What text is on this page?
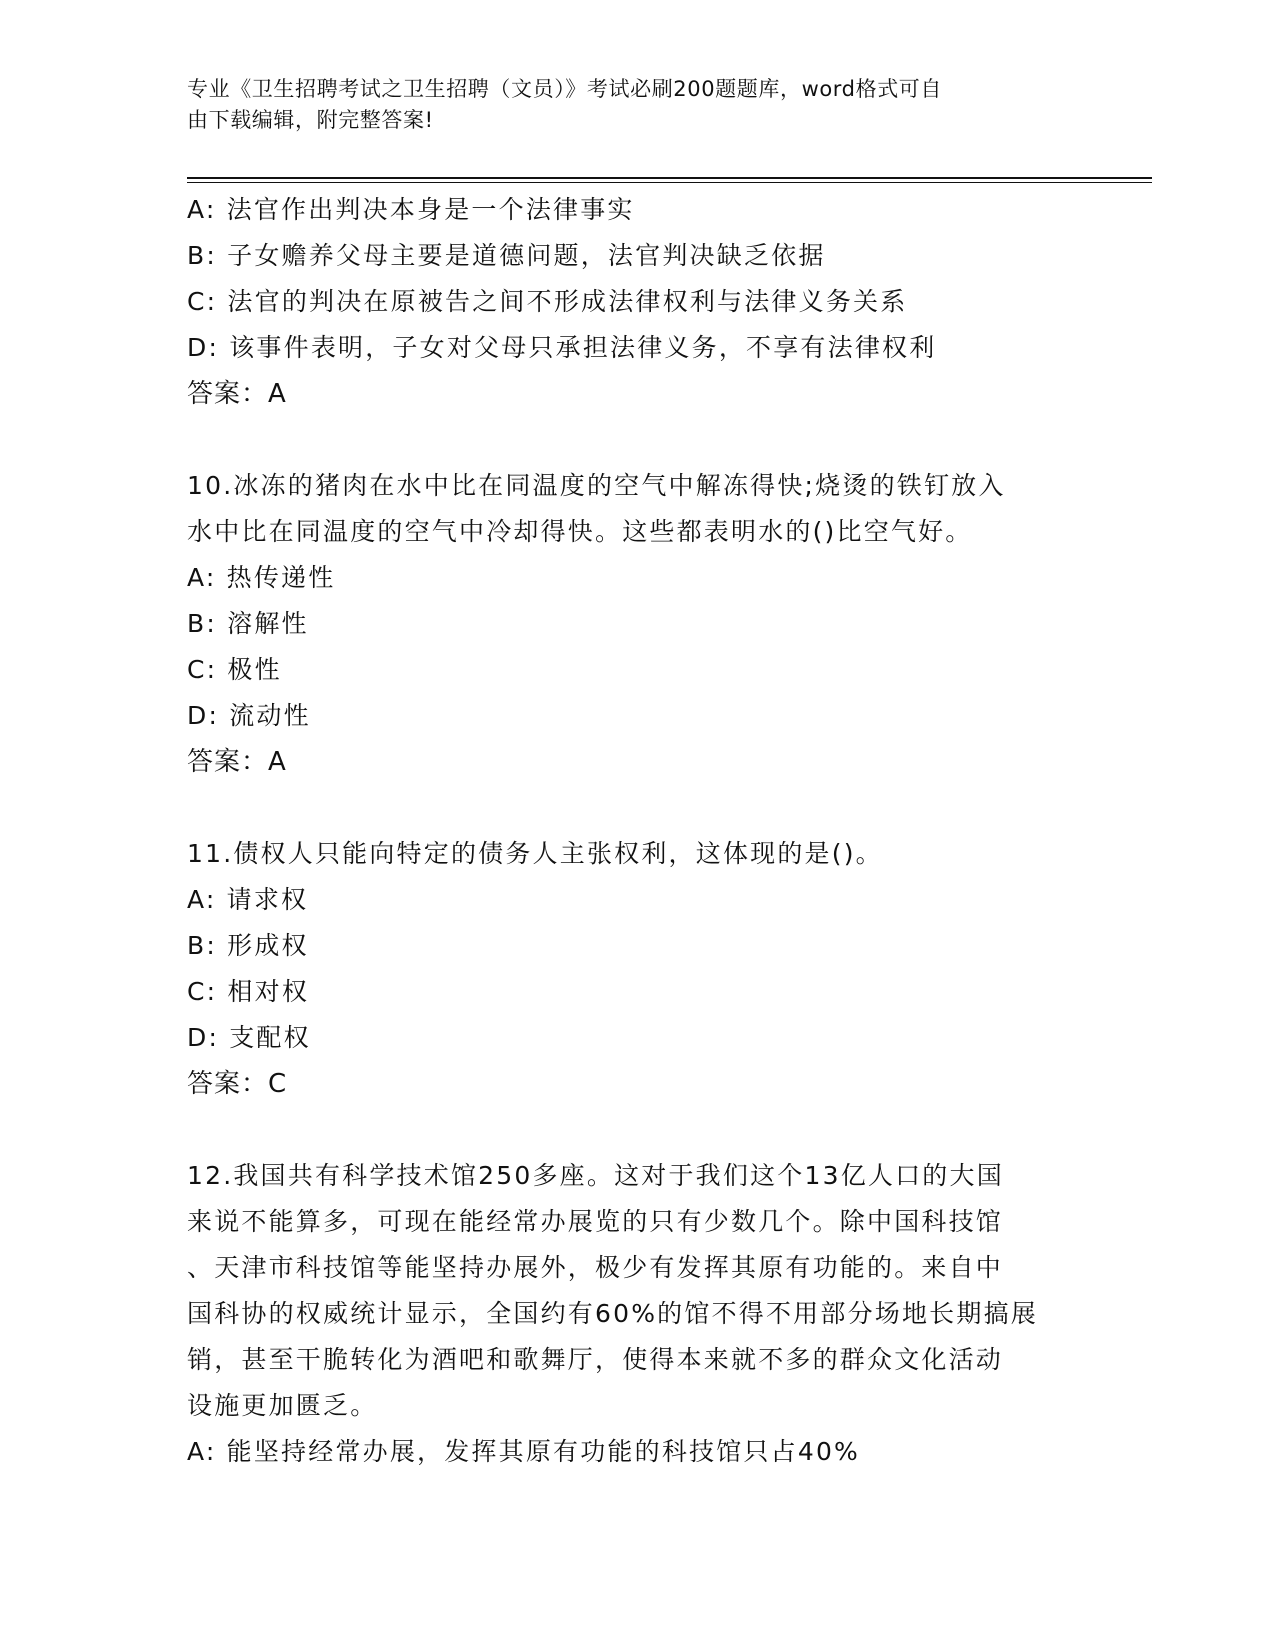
专业《卫生招聘考试之卫生招聘（文员）》考试必刷200题题库，word格式可自
由下载编辑，附完整答案!
A: 法官作出判决本身是一个法律事实
B: 子女赡养父母主要是道德问题，法官判决缺乏依据
C: 法官的判决在原被告之间不形成法律权利与法律义务关系
D: 该事件表明，子女对父母只承担法律义务，不享有法律权利
答案：A
10.冰冻的猪肉在水中比在同温度的空气中解冻得快;烧烫的铁钉放入
水中比在同温度的空气中冷却得快。这些都表明水的()比空气好。
A: 热传递性
B: 溶解性
C: 极性
D: 流动性
答案：A
11.债权人只能向特定的债务人主张权利，这体现的是()。
A: 请求权
B: 形成权
C: 相对权
D: 支配权
答案：C
12.我国共有科学技术馆250多座。这对于我们这个13亿人口的大国
来说不能算多，可现在能经常办展览的只有少数几个。除中国科技馆
、天津市科技馆等能坚持办展外，极少有发挥其原有功能的。来自中
国科协的权威统计显示，全国约有60%的馆不得不用部分场地长期搞展
销，甚至干脆转化为酒吧和歌舞厅，使得本来就不多的群众文化活动
设施更加匮乏。
A: 能坚持经常办展，发挥其原有功能的科技馆只占40%
